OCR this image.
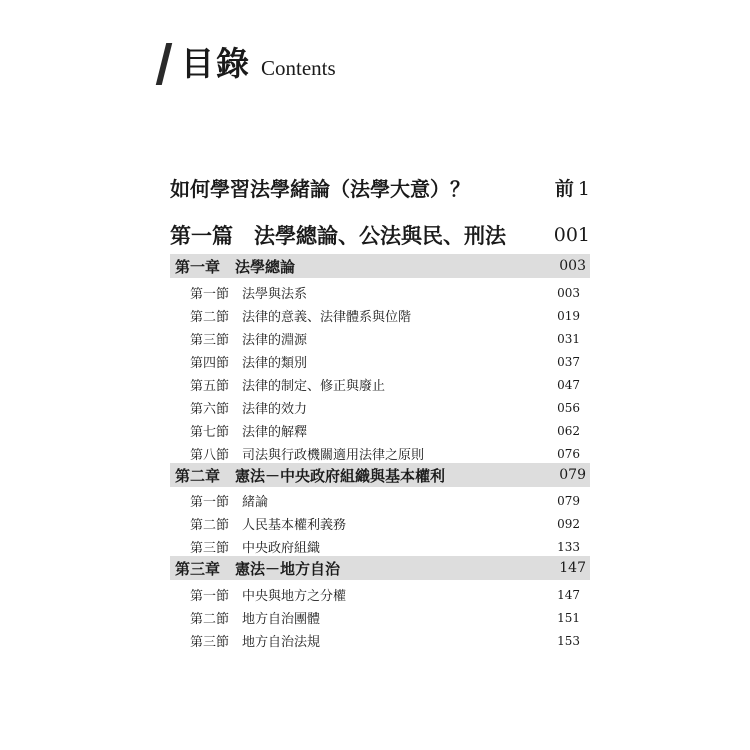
目錄 Contents
如何學習法學緒論（法學大意）？	前 1
第一篇　法學總論、公法與民、刑法	001
第一章　法學總論	003
第一節　法學與法系	003
第二節　法律的意義、法律體系與位階	019
第三節　法律的淵源	031
第四節　法律的類別	037
第五節　法律的制定、修正與廢止	047
第六節　法律的效力	056
第七節　法律的解釋	062
第八節　司法與行政機關適用法律之原則	076
第二章　憲法－中央政府組織與基本權利	079
第一節　緒論	079
第二節　人民基本權利義務	092
第三節　中央政府組織	133
第三章　憲法－地方自治	147
第一節　中央與地方之分權	147
第二節　地方自治團體	151
第三節　地方自治法規	153
